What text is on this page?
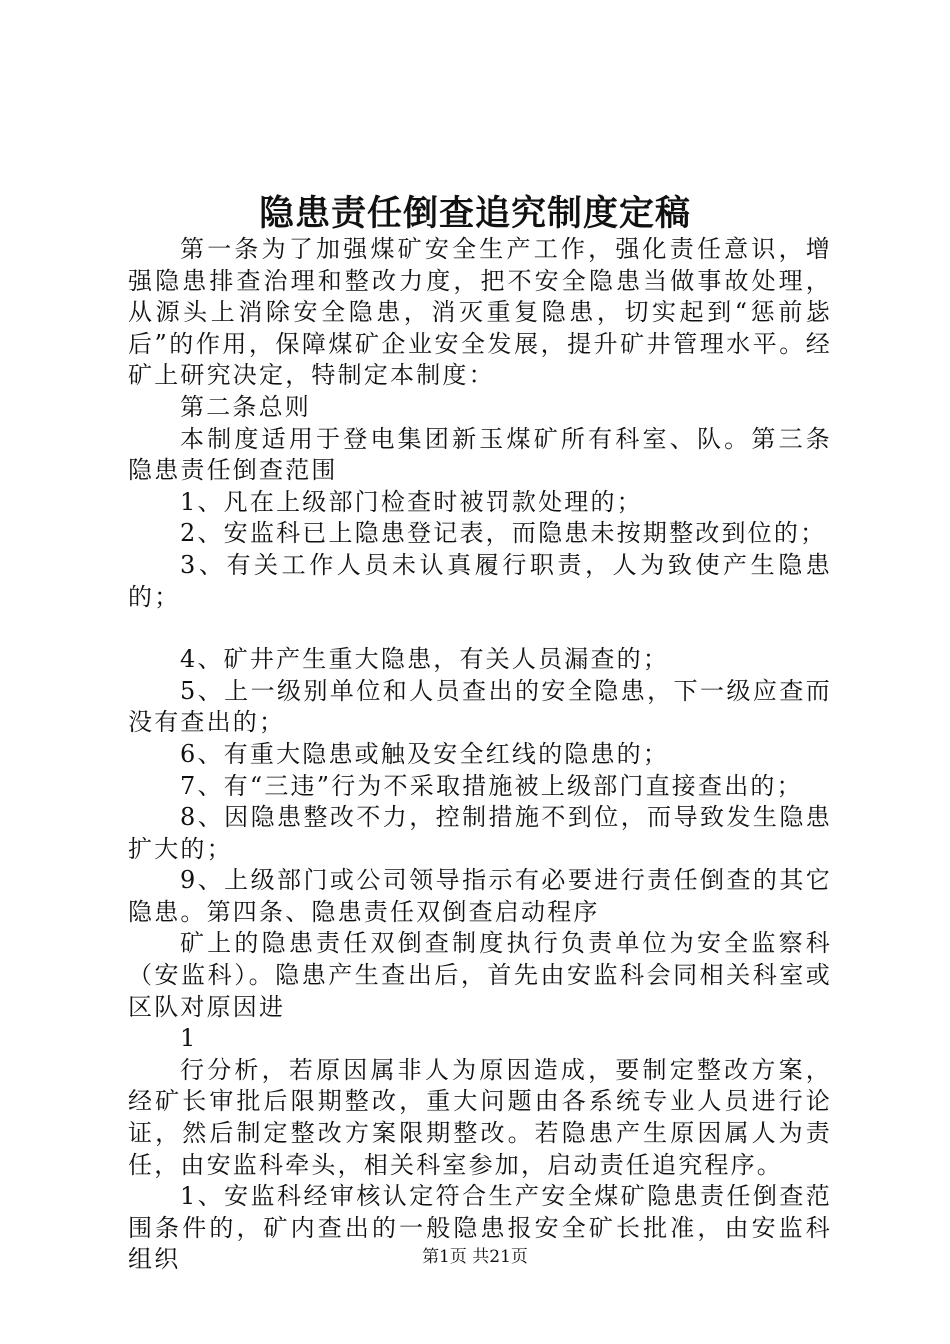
隐患责任倒查追究制度定稿

第一条为了加强煤矿安全生产工作，强化责任意识，增强隐患排查治理和整改力度，把不安全隐患当做事故处理，从源头上消除安全隐患，消灭重复隐患，切实起到“惩前毖后”的作用，保障煤矿企业安全发展，提升矿井管理水平。经矿上研究决定，特制定本制度：

第二条总则

本制度适用于登电集团新玉煤矿所有科室、队。第三条隐患责任倒查范围

1、凡在上级部门检查时被罚款处理的；

2、安监科已上隐患登记表，而隐患未按期整改到位的；

3、有关工作人员未认真履行职责，人为致使产生隐患的；

4、矿井产生重大隐患，有关人员漏查的；

5、上一级别单位和人员查出的安全隐患，下一级应查而没有查出的；

6、有重大隐患或触及安全红线的隐患的；

7、有“三违”行为不采取措施被上级部门直接查出的；

8、因隐患整改不力，控制措施不到位，而导致发生隐患扩大的；

9、上级部门或公司领导指示有必要进行责任倒查的其它隐患。第四条、隐患责任双倒查启动程序

矿上的隐患责任双倒查制度执行负责单位为安全监察科（安监科）。隐患产生查出后，首先由安监科会同相关科室或区队对原因进

1

行分析，若原因属非人为原因造成，要制定整改方案，经矿长审批后限期整改，重大问题由各系统专业人员进行论证，然后制定整改方案限期整改。若隐患产生原因属人为责任，由安监科牵头，相关科室参加，启动责任追究程序。

1、安监科经审核认定符合生产安全煤矿隐患责任倒查范围条件的，矿内查出的一般隐患报安全矿长批准，由安监科组织	第1页 共21页
